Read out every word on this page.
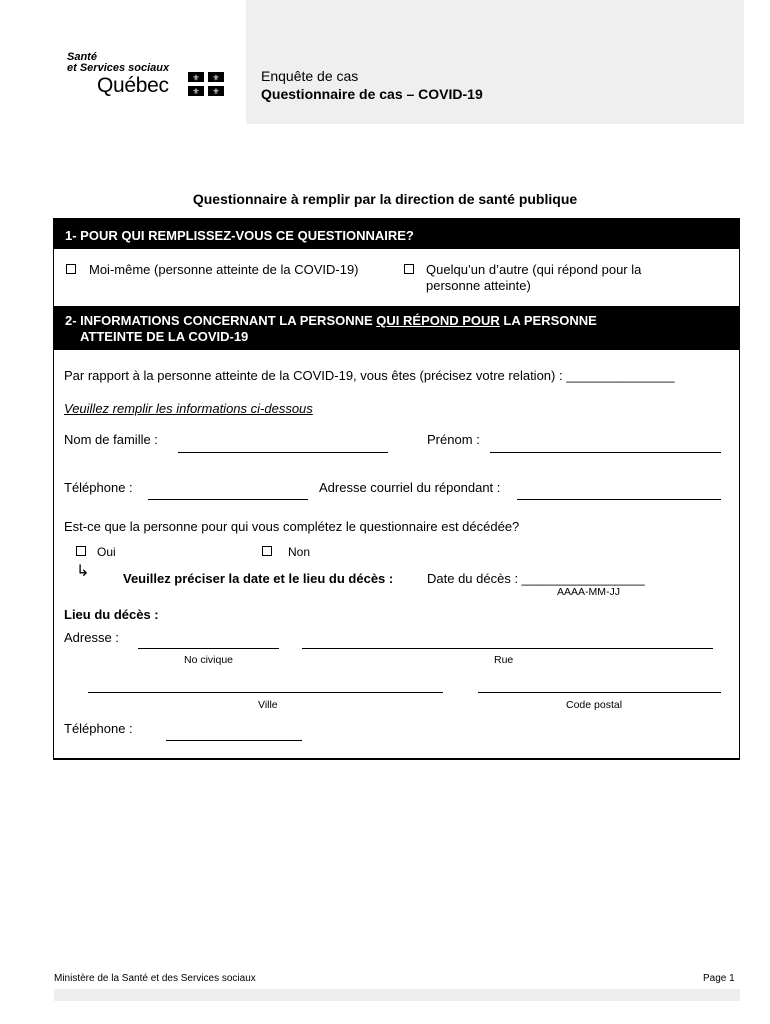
Santé
et Services sociaux
Québec	⚜ ⚜
⚜ ⚜
Enquête de cas
Questionnaire de cas – COVID-19
Questionnaire à remplir par la direction de santé publique
1- POUR QUI REMPLISSEZ-VOUS CE QUESTIONNAIRE?
Moi-même (personne atteinte de la COVID-19)	Quelqu’un d’autre (qui répond pour la
personne atteinte)
2- INFORMATIONS CONCERNANT LA PERSONNE QUI RÉPOND POUR LA PERSONNE
ATTEINTE DE LA COVID-19
Par rapport à la personne atteinte de la COVID-19, vous êtes (précisez votre relation) : _______________
Veuillez remplir les informations ci-dessous
Nom de famille :	Prénom :
Téléphone :	Adresse courriel du répondant :
Est-ce que la personne pour qui vous complétez le questionnaire est décédée?
Oui	Non
↳	Veuillez préciser la date et le lieu du décès :	Date du décès : _________________
AAAA-MM-JJ
Lieu du décès :
Adresse :
No civique	Rue
Ville	Code postal
Téléphone :
Ministère de la Santé et des Services sociaux	Page 1
